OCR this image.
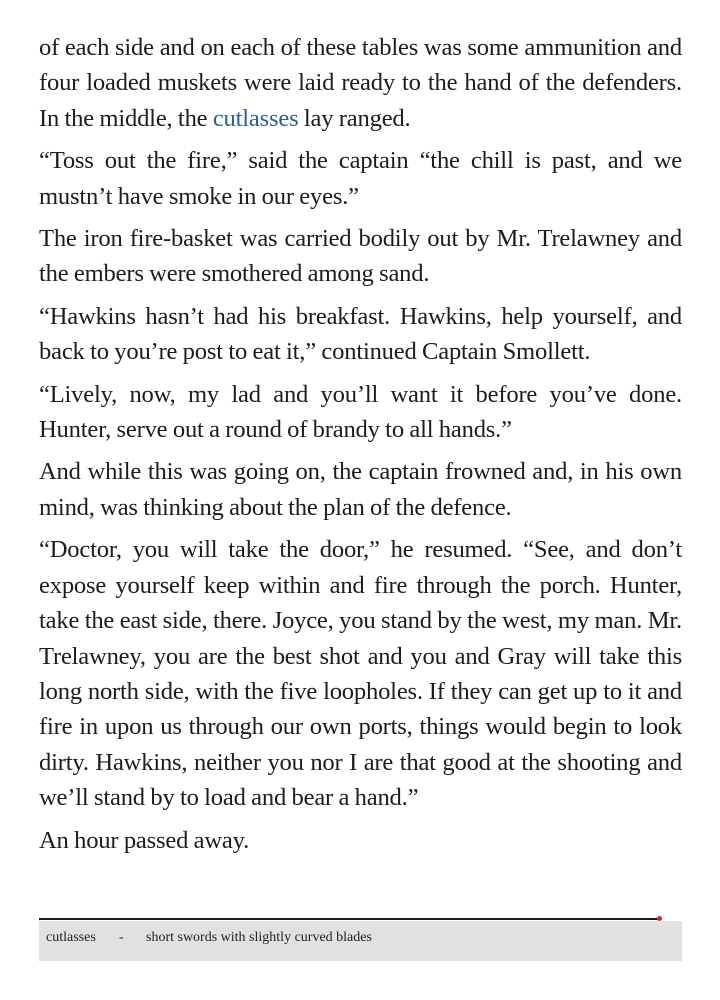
of each side and on each of these tables was some ammunition and four loaded muskets were laid ready to the hand of the defenders. In the middle, the cutlasses lay ranged.

“Toss out the fire,” said the captain “the chill is past, and we mustn’t have smoke in our eyes.”

The iron fire-basket was carried bodily out by Mr. Trelawney and the embers were smothered among sand.

“Hawkins hasn’t had his breakfast. Hawkins, help yourself, and back to you’re post to eat it,” continued Captain Smollett.

“Lively, now, my lad and you’ll want it before you’ve done. Hunter, serve out a round of brandy to all hands.”

And while this was going on, the captain frowned and, in his own mind, was thinking about the plan of the defence.

“Doctor, you will take the door,” he resumed. “See, and don’t expose yourself keep within and fire through the porch. Hunter, take the east side, there. Joyce, you stand by the west, my man. Mr. Trelawney, you are the best shot and you and Gray will take this long north side, with the five loopholes. If they can get up to it and fire in upon us through our own ports, things would begin to look dirty. Hawkins, neither you nor I are that good at the shooting and we’ll stand by to load and bear a hand.”

An hour passed away.

cutlasses - short swords with slightly curved blades
